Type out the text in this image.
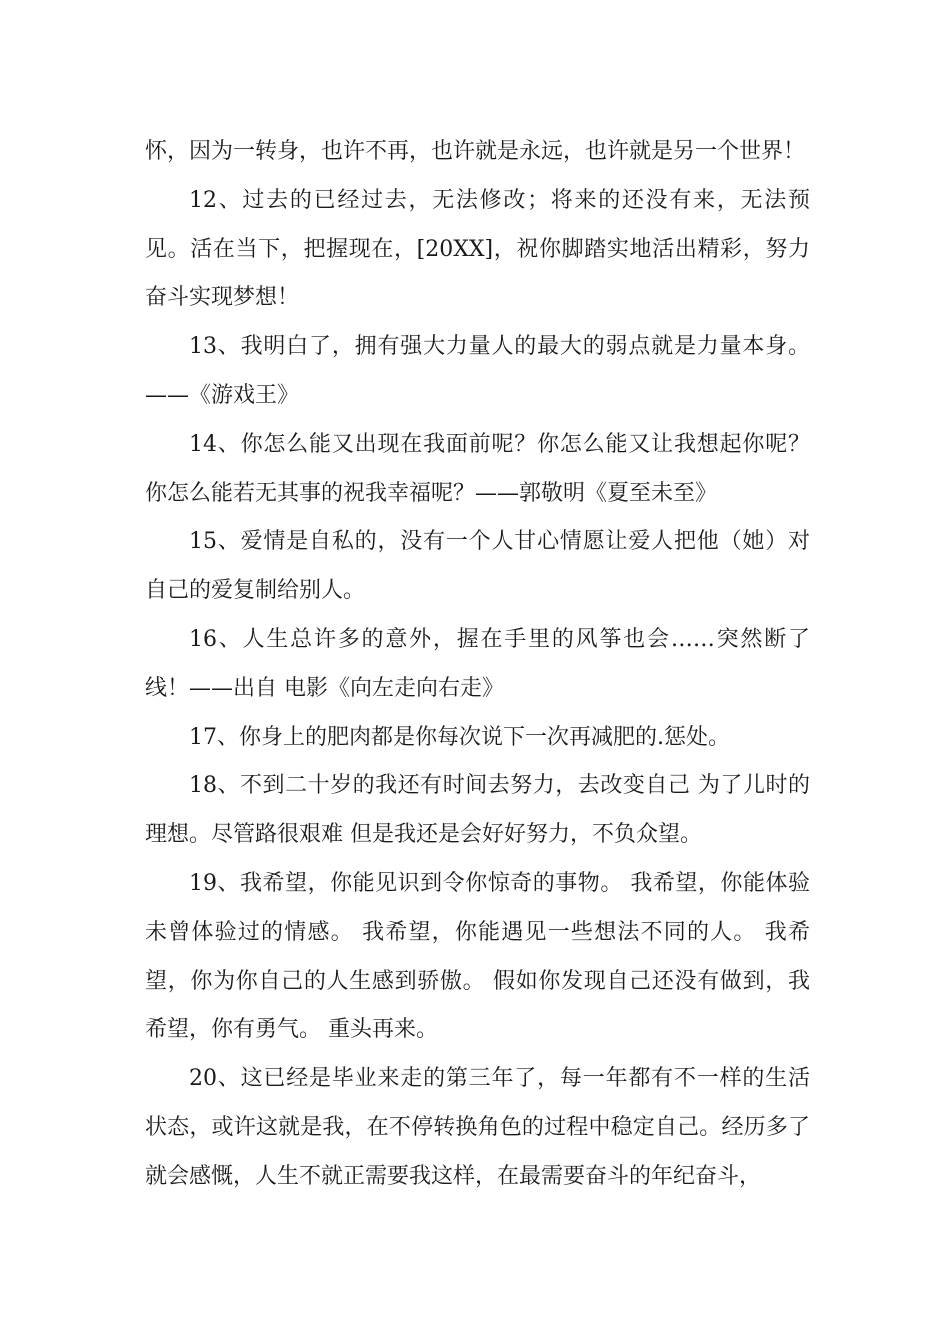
怀，因为一转身，也许不再，也许就是永远，也许就是另一个世界！

12、过去的已经过去，无法修改；将来的还没有来，无法预见。活在当下，把握现在，[20XX]，祝你脚踏实地活出精彩，努力奋斗实现梦想！

13、我明白了，拥有强大力量人的最大的弱点就是力量本身。——《游戏王》

14、你怎么能又出现在我面前呢？你怎么能又让我想起你呢？你怎么能若无其事的祝我幸福呢？——郭敬明《夏至未至》

15、爱情是自私的，没有一个人甘心情愿让爱人把他（她）对自己的爱复制给别人。

16、人生总许多的意外，握在手里的风筝也会……突然断了线！——出自 电影《向左走向右走》

17、你身上的肥肉都是你每次说下一次再减肥的.惩处。

18、不到二十岁的我还有时间去努力，去改变自己 为了儿时的理想。尽管路很艰难 但是我还是会好好努力，不负众望。

19、我希望，你能见识到令你惊奇的事物。 我希望，你能体验未曾体验过的情感。 我希望，你能遇见一些想法不同的人。 我希望，你为你自己的人生感到骄傲。 假如你发现自己还没有做到，我希望，你有勇气。 重头再来。

20、这已经是毕业来走的第三年了，每一年都有不一样的生活状态，或许这就是我，在不停转换角色的过程中稳定自己。经历多了就会感慨，人生不就正需要我这样，在最需要奋斗的年纪奋斗，
